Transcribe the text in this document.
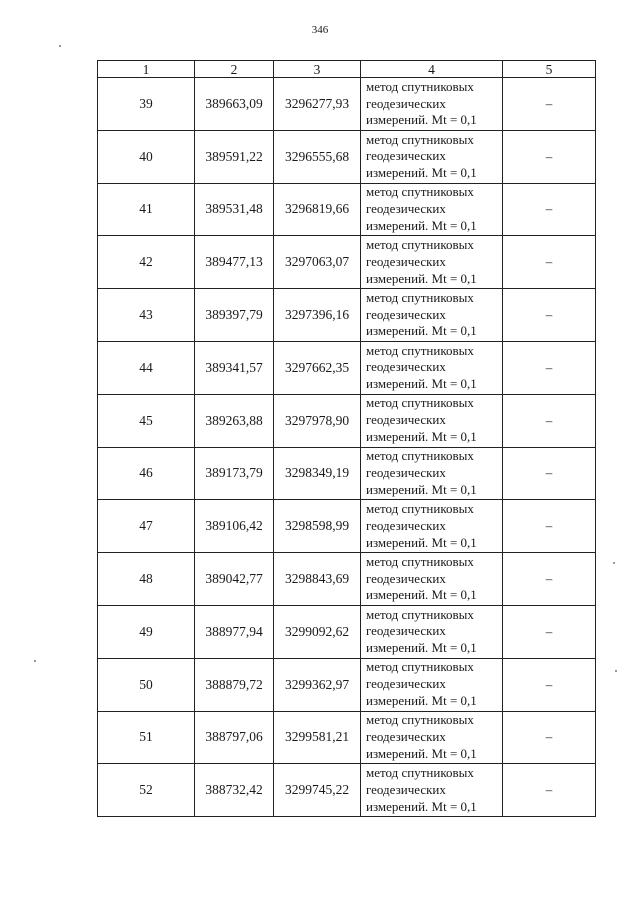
346
1	2	3	4	5
39	389663,09	3296277,93	метод спутниковых
геодезических
измерений. Mt = 0,1	–
40	389591,22	3296555,68	метод спутниковых
геодезических
измерений. Mt = 0,1	–
41	389531,48	3296819,66	метод спутниковых
геодезических
измерений. Mt = 0,1	–
42	389477,13	3297063,07	метод спутниковых
геодезических
измерений. Mt = 0,1	–
43	389397,79	3297396,16	метод спутниковых
геодезических
измерений. Mt = 0,1	–
44	389341,57	3297662,35	метод спутниковых
геодезических
измерений. Mt = 0,1	–
45	389263,88	3297978,90	метод спутниковых
геодезических
измерений. Mt = 0,1	–
46	389173,79	3298349,19	метод спутниковых
геодезических
измерений. Mt = 0,1	–
47	389106,42	3298598,99	метод спутниковых
геодезических
измерений. Mt = 0,1	–
48	389042,77	3298843,69	метод спутниковых
геодезических
измерений. Mt = 0,1	–
49	388977,94	3299092,62	метод спутниковых
геодезических
измерений. Mt = 0,1	–
50	388879,72	3299362,97	метод спутниковых
геодезических
измерений. Mt = 0,1	–
51	388797,06	3299581,21	метод спутниковых
геодезических
измерений. Mt = 0,1	–
52	388732,42	3299745,22	метод спутниковых
геодезических
измерений. Mt = 0,1	–
